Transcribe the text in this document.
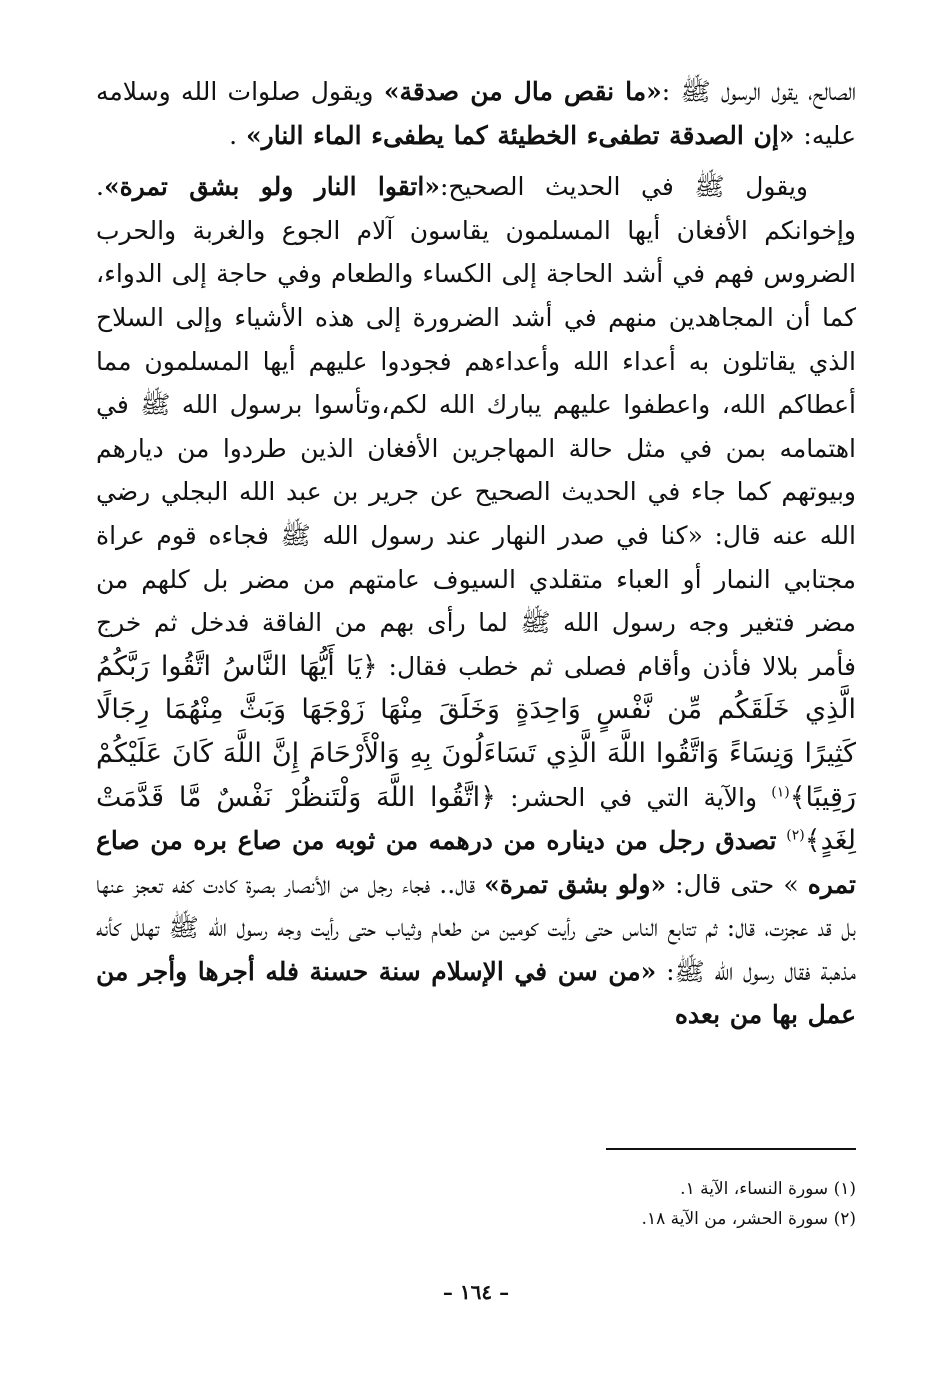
الصالح، يقول الرسول ﷺ :«ما نقص مال من صدقة» ويقول صلوات الله وسلامه عليه: «إن الصدقة تطفىء الخطيئة كما يطفىء الماء النار» .

ويقول ﷺ في الحديث الصحيح:«اتقوا النار ولو بشق تمرة». وإخوانكم الأفغان أيها المسلمون يقاسون آلام الجوع والغربة والحرب الضروس فهم في أشد الحاجة إلى الكساء والطعام وفي حاجة إلى الدواء، كما أن المجاهدين منهم في أشد الضرورة إلى هذه الأشياء وإلى السلاح الذي يقاتلون به أعداء الله وأعداءهم فجودوا عليهم أيها المسلمون مما أعطاكم الله، واعطفوا عليهم يبارك الله لكم،وتأسوا برسول الله ﷺ في اهتمامه بمن في مثل حالة المهاجرين الأفغان الذين طردوا من ديارهم وبيوتهم كما جاء في الحديث الصحيح عن جرير بن عبد الله البجلي رضي الله عنه قال: «كنا في صدر النهار عند رسول الله ﷺ فجاءه قوم عراة مجتابي النمار أو العباء متقلدي السيوف عامتهم من مضر بل كلهم من مضر فتغير وجه رسول الله ﷺ لما رأى بهم من الفاقة فدخل ثم خرج فأمر بلالا فأذن وأقام فصلى ثم خطب فقال: ﴿يَا أَيُّهَا النَّاسُ اتَّقُوا رَبَّكُمُ الَّذِي خَلَقَكُم مِّن نَّفْسٍ وَاحِدَةٍ وَخَلَقَ مِنْهَا زَوْجَهَا وَبَثَّ مِنْهُمَا رِجَالًا كَثِيرًا وَنِسَاءً وَاتَّقُوا اللَّهَ الَّذِي تَسَاءَلُونَ بِهِ وَالْأَرْحَامَ إِنَّ اللَّهَ كَانَ عَلَيْكُمْ رَقِيبًا﴾$^{(١)}$ والآية التي في الحشر: ﴿اتَّقُوا اللَّهَ وَلْتَنظُرْ نَفْسٌ مَّا قَدَّمَتْ لِغَدٍ﴾$^{(٢)}$ تصدق رجل من ديناره من درهمه من ثوبه من صاع بره من صاع تمره » حتى قال: «ولو بشق تمرة» قال.. فجاء رجل من الأنصار بصرة كادت كفه تعجز عنها بل قد عجزت، قال: ثم تتابع الناس حتى رأيت كومين من طعام وثياب حتى رأيت وجه رسول الله ﷺ تهلل كأنه مذهبة فقال رسول الله ﷺ: «من سن في الإسلام سنة حسنة فله أجرها وأجر من عمل بها من بعده

(١) سورة النساء، الآية ١.

(٢) سورة الحشر، من الآية ١٨.

– ١٦٤ –
